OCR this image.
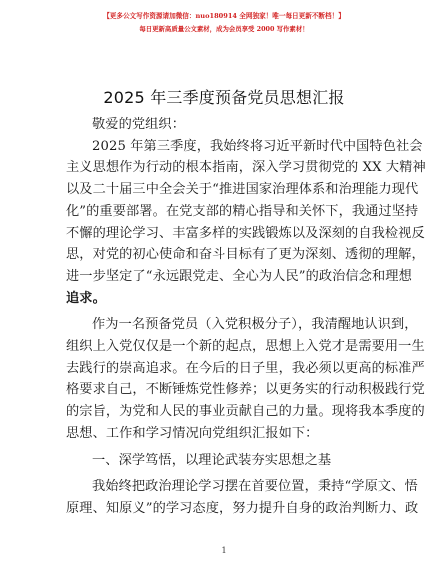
【更多公文写作资源请加微信：nuo180914 全网独家！唯一每日更新不断档！】
每日更新高质量公文素材，成为会员享受 2000 写作素材！
2025 年三季度预备党员思想汇报

敬爱的党组织：

2025 年第三季度，我始终将习近平新时代中国特色社会

主义思想作为行动的根本指南，深入学习贯彻党的 XX 大精神

以及二十届三中全会关于“推进国家治理体系和治理能力现代

化”的重要部署。在党支部的精心指导和关怀下，我通过坚持

不懈的理论学习、丰富多样的实践锻炼以及深刻的自我检视反

思，对党的初心使命和奋斗目标有了更为深刻、透彻的理解，

进一步坚定了“永远跟党走、全心为人民”的政治信念和理想

追求。

作为一名预备党员（入党积极分子），我清醒地认识到，

组织上入党仅仅是一个新的起点，思想上入党才是需要用一生

去践行的崇高追求。在今后的日子里，我必须以更高的标准严

格要求自己，不断锤炼党性修养；以更务实的行动积极践行党

的宗旨，为党和人民的事业贡献自己的力量。现将我本季度的

思想、工作和学习情况向党组织汇报如下：

一、深学笃悟，以理论武装夯实思想之基

我始终把政治理论学习摆在首要位置，秉持“学原文、悟

原理、知原义”的学习态度，努力提升自身的政治判断力、政

1
